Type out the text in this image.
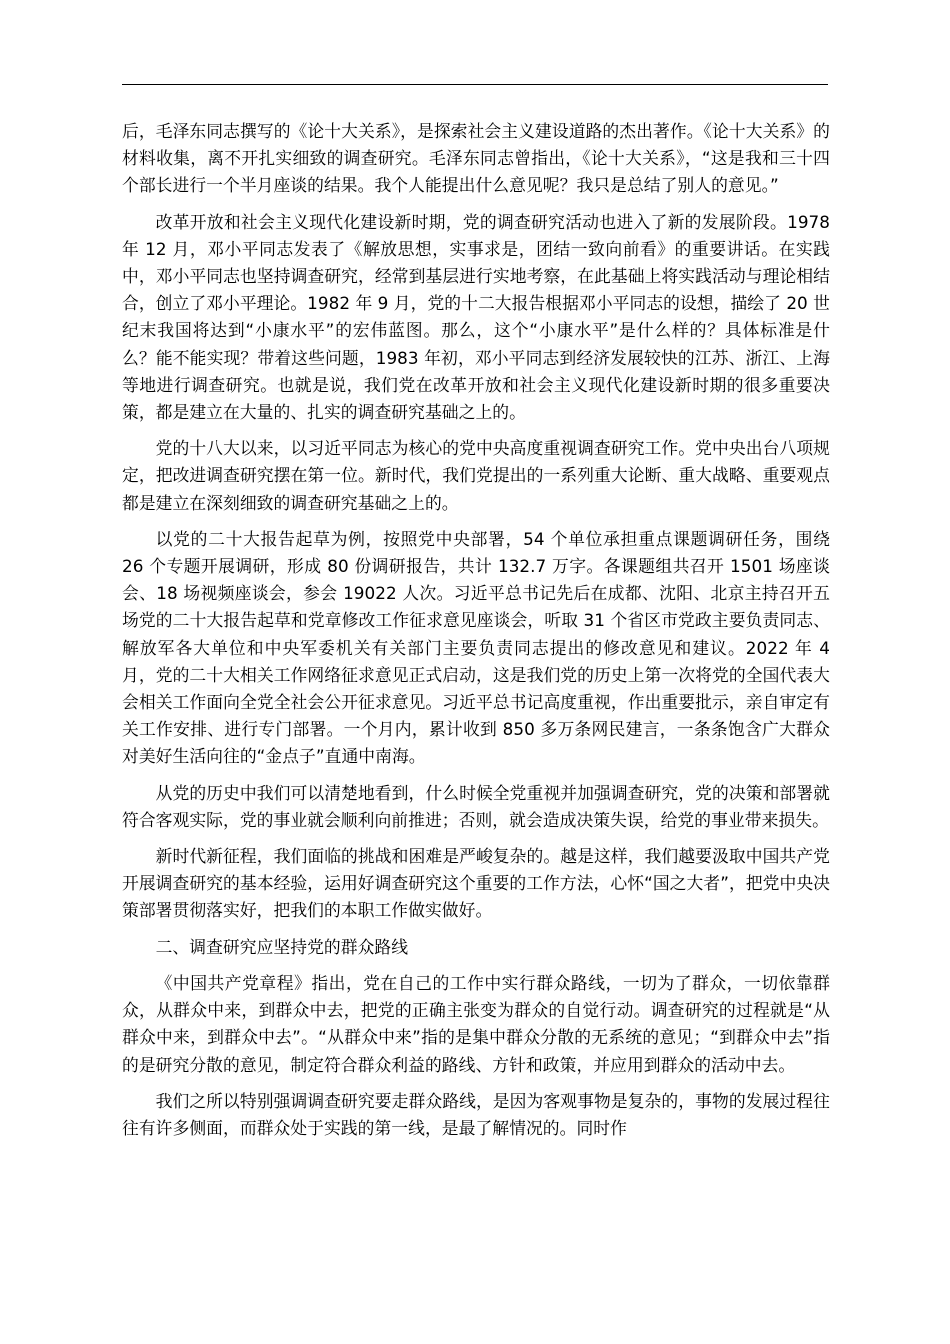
后，毛泽东同志撰写的《论十大关系》，是探索社会主义建设道路的杰出著作。《论十大关系》的材料收集，离不开扎实细致的调查研究。毛泽东同志曾指出，《论十大关系》，“这是我和三十四个部长进行一个半月座谈的结果。我个人能提出什么意见呢？我只是总结了别人的意见。”

改革开放和社会主义现代化建设新时期，党的调查研究活动也进入了新的发展阶段。1978 年 12 月，邓小平同志发表了《解放思想，实事求是，团结一致向前看》的重要讲话。在实践中，邓小平同志也坚持调查研究，经常到基层进行实地考察，在此基础上将实践活动与理论相结合，创立了邓小平理论。1982 年 9 月，党的十二大报告根据邓小平同志的设想，描绘了 20 世纪末我国将达到“小康水平”的宏伟蓝图。那么，这个“小康水平”是什么样的？具体标准是什么？能不能实现？带着这些问题，1983 年初，邓小平同志到经济发展较快的江苏、浙江、上海等地进行调查研究。也就是说，我们党在改革开放和社会主义现代化建设新时期的很多重要决策，都是建立在大量的、扎实的调查研究基础之上的。

党的十八大以来，以习近平同志为核心的党中央高度重视调查研究工作。党中央出台八项规定，把改进调查研究摆在第一位。新时代，我们党提出的一系列重大论断、重大战略、重要观点都是建立在深刻细致的调查研究基础之上的。

以党的二十大报告起草为例，按照党中央部署，54 个单位承担重点课题调研任务，围绕 26 个专题开展调研，形成 80 份调研报告，共计 132.7 万字。各课题组共召开 1501 场座谈会、18 场视频座谈会，参会 19022 人次。习近平总书记先后在成都、沈阳、北京主持召开五场党的二十大报告起草和党章修改工作征求意见座谈会，听取 31 个省区市党政主要负责同志、解放军各大单位和中央军委机关有关部门主要负责同志提出的修改意见和建议。2022 年 4 月，党的二十大相关工作网络征求意见正式启动，这是我们党的历史上第一次将党的全国代表大会相关工作面向全党全社会公开征求意见。习近平总书记高度重视，作出重要批示，亲自审定有关工作安排、进行专门部署。一个月内，累计收到 850 多万条网民建言，一条条饱含广大群众对美好生活向往的“金点子”直通中南海。

从党的历史中我们可以清楚地看到，什么时候全党重视并加强调查研究，党的决策和部署就符合客观实际，党的事业就会顺利向前推进；否则，就会造成决策失误，给党的事业带来损失。

新时代新征程，我们面临的挑战和困难是严峻复杂的。越是这样，我们越要汲取中国共产党开展调查研究的基本经验，运用好调查研究这个重要的工作方法，心怀“国之大者”，把党中央决策部署贯彻落实好，把我们的本职工作做实做好。

二、调查研究应坚持党的群众路线

《中国共产党章程》指出，党在自己的工作中实行群众路线，一切为了群众，一切依靠群众，从群众中来，到群众中去，把党的正确主张变为群众的自觉行动。调查研究的过程就是“从群众中来，到群众中去”。“从群众中来”指的是集中群众分散的无系统的意见；“到群众中去”指的是研究分散的意见，制定符合群众利益的路线、方针和政策，并应用到群众的活动中去。

我们之所以特别强调调查研究要走群众路线，是因为客观事物是复杂的，事物的发展过程往往有许多侧面，而群众处于实践的第一线，是最了解情况的。同时作
